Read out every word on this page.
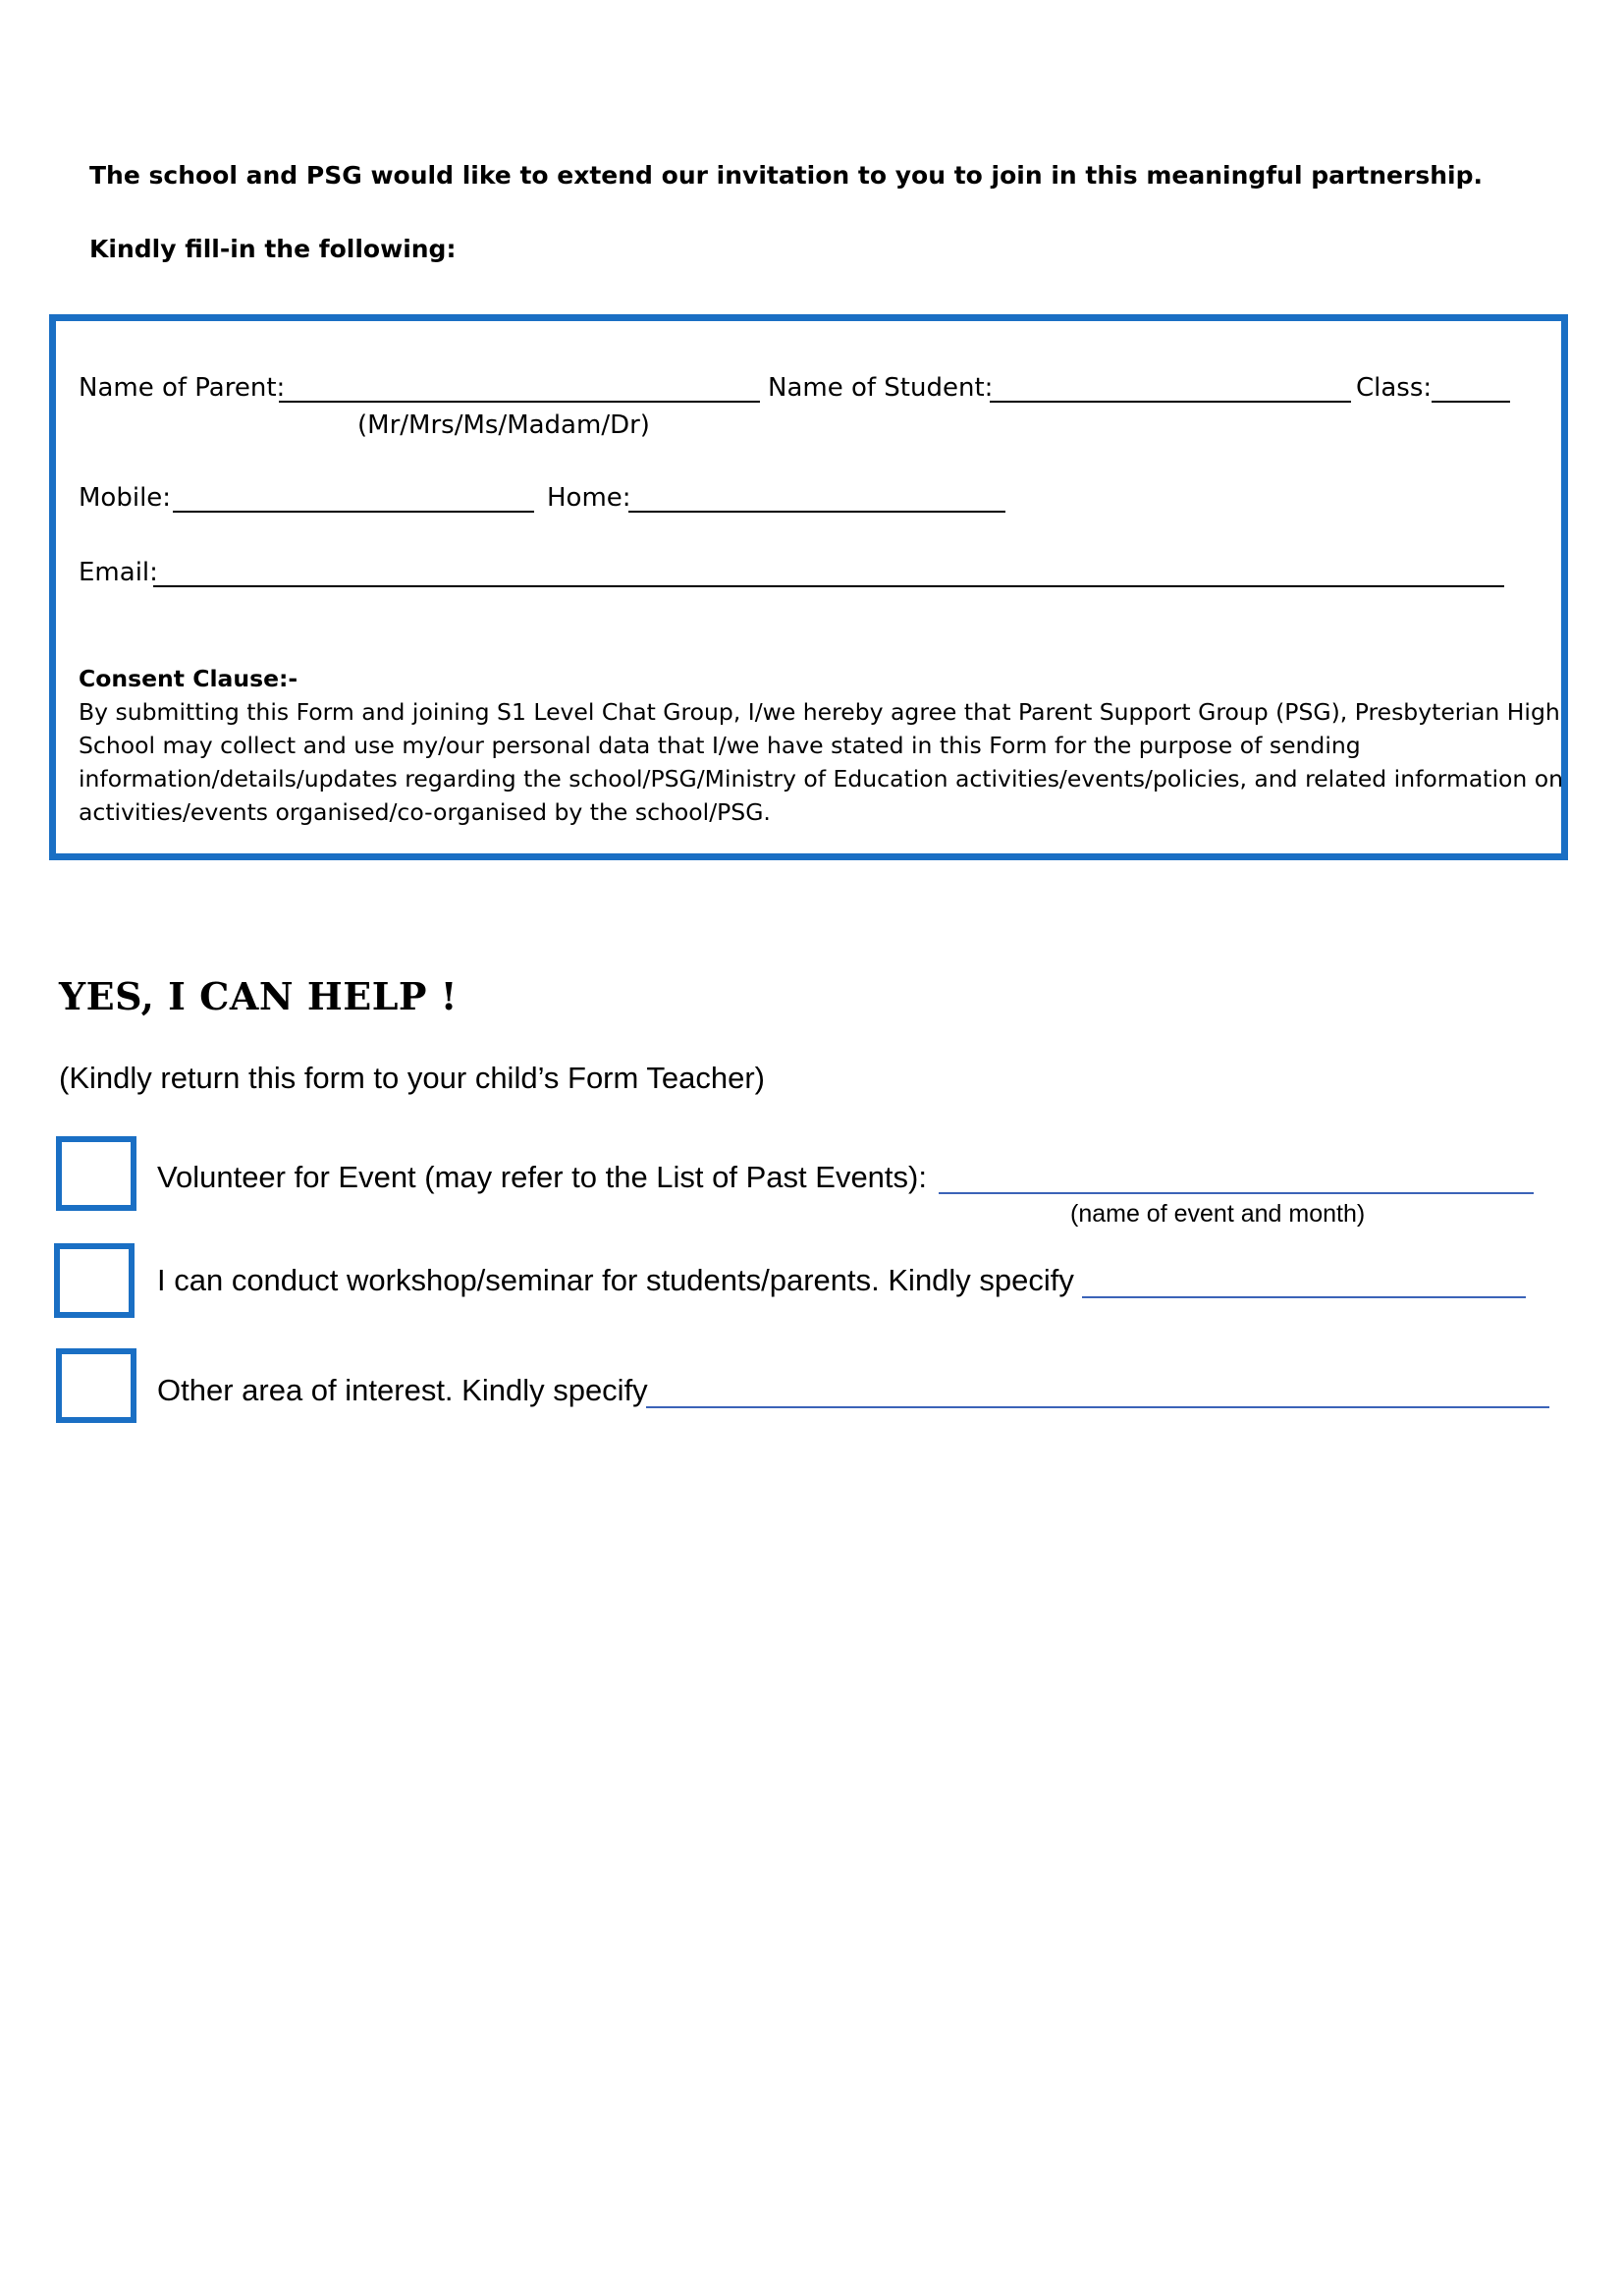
The school and PSG would like to extend our invitation to you to join in this meaningful partnership.
Kindly fill-in the following:
Name of Parent:
(Mr/Mrs/Ms/Madam/Dr)
Name of Student:	Class:
Mobile:	Home:
Email:
Consent Clause:-
By submitting this Form and joining S1 Level Chat Group, I/we hereby agree that Parent Support Group (PSG), Presbyterian High School may collect and use my/our personal data that I/we have stated in this Form for the purpose of sending information/details/updates regarding the school/PSG/Ministry of Education activities/events/policies, and related information on activities/events organised/co-organised by the school/PSG.
YES, I CAN HELP !
(Kindly return this form to your child’s Form Teacher)
Volunteer for Event (may refer to the List of Past Events):
(name of event and month)
I can conduct workshop/seminar for students/parents. Kindly specify
Other area of interest. Kindly specify
